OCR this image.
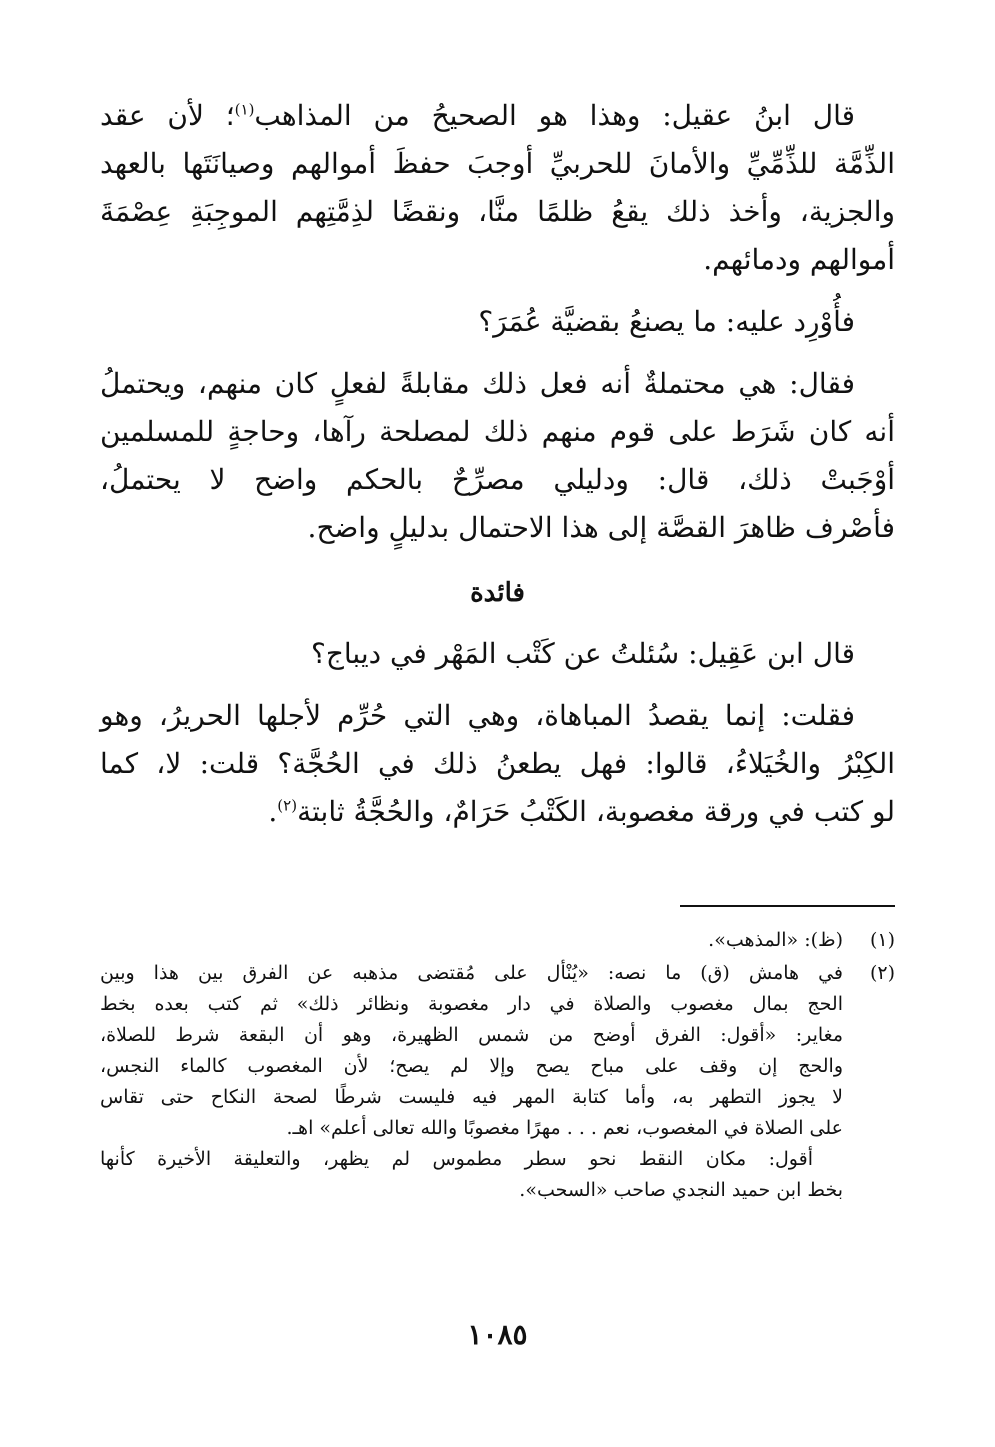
قال ابنُ عقيل: وهذا هو الصحيحُ من المذاهب$^{(١)}$؛ لأن عقد
الذِّمَّة للذِّمِّيِّ والأمانَ للحربيِّ أوجبَ حفظَ أموالهم وصيانَتَها بالعهد
والجزية، وأخذ ذلك يقعُ ظلمًا منَّا، ونقضًا لذِمَّتِهم الموجِبَةِ عِصْمَةَ
أموالهم ودمائهم.

فأُوْرِد عليه: ما يصنعُ بقضيَّة عُمَرَ؟

فقال: هي محتملةٌ أنه فعل ذلك مقابلةً لفعلٍ كان منهم، ويحتملُ
أنه كان شَرَط على قوم منهم ذلك لمصلحة رآها، وحاجةٍ للمسلمين
أوْجَبتْ ذلك، قال: ودليلي مصرِّحٌ بالحكم واضح لا يحتملُ،
فأصْرف ظاهرَ القصَّة إلى هذا الاحتمال بدليلٍ واضح.

فائدة

قال ابن عَقِيل: سُئلتُ عن كَتْب المَهْر في ديباج؟

فقلت: إنما يقصدُ المباهاة، وهي التي حُرِّم لأجلها الحريرُ، وهو
الكِبْرُ والخُيَلاءُ، قالوا: فهل يطعنُ ذلك في الحُجَّة؟ قلت: لا، كما
لو كتب في ورقة مغصوبة، الكَتْبُ حَرَامٌ، والحُجَّةُ ثابتة$^{(٢)}$.

(١)
(ظ): «المذهب».
(٢)
في هامش (ق) ما نصه: «يُنْأل على مُقتضى مذهبه عن الفرق بين هذا وبين
الحج بمال مغصوب والصلاة في دار مغصوبة ونظائر ذلك» ثم كتب بعده بخط
مغاير: «أقول: الفرق أوضح من شمس الظهيرة، وهو أن البقعة شرط للصلاة،
والحج إن وقف على مباح يصح وإلا لم يصح؛ لأن المغصوب كالماء النجس،
لا يجوز التطهر به، وأما كتابة المهر فيه فليست شرطًا لصحة النكاح حتى تقاس
على الصلاة في المغصوب، نعم . . . مهرًا مغصوبًا والله تعالى أعلم» اهـ.
أقول: مكان النقط نحو سطر مطموس لم يظهر، والتعليقة الأخيرة كأنها
بخط ابن حميد النجدي صاحب «السحب».
١٠٨٥
